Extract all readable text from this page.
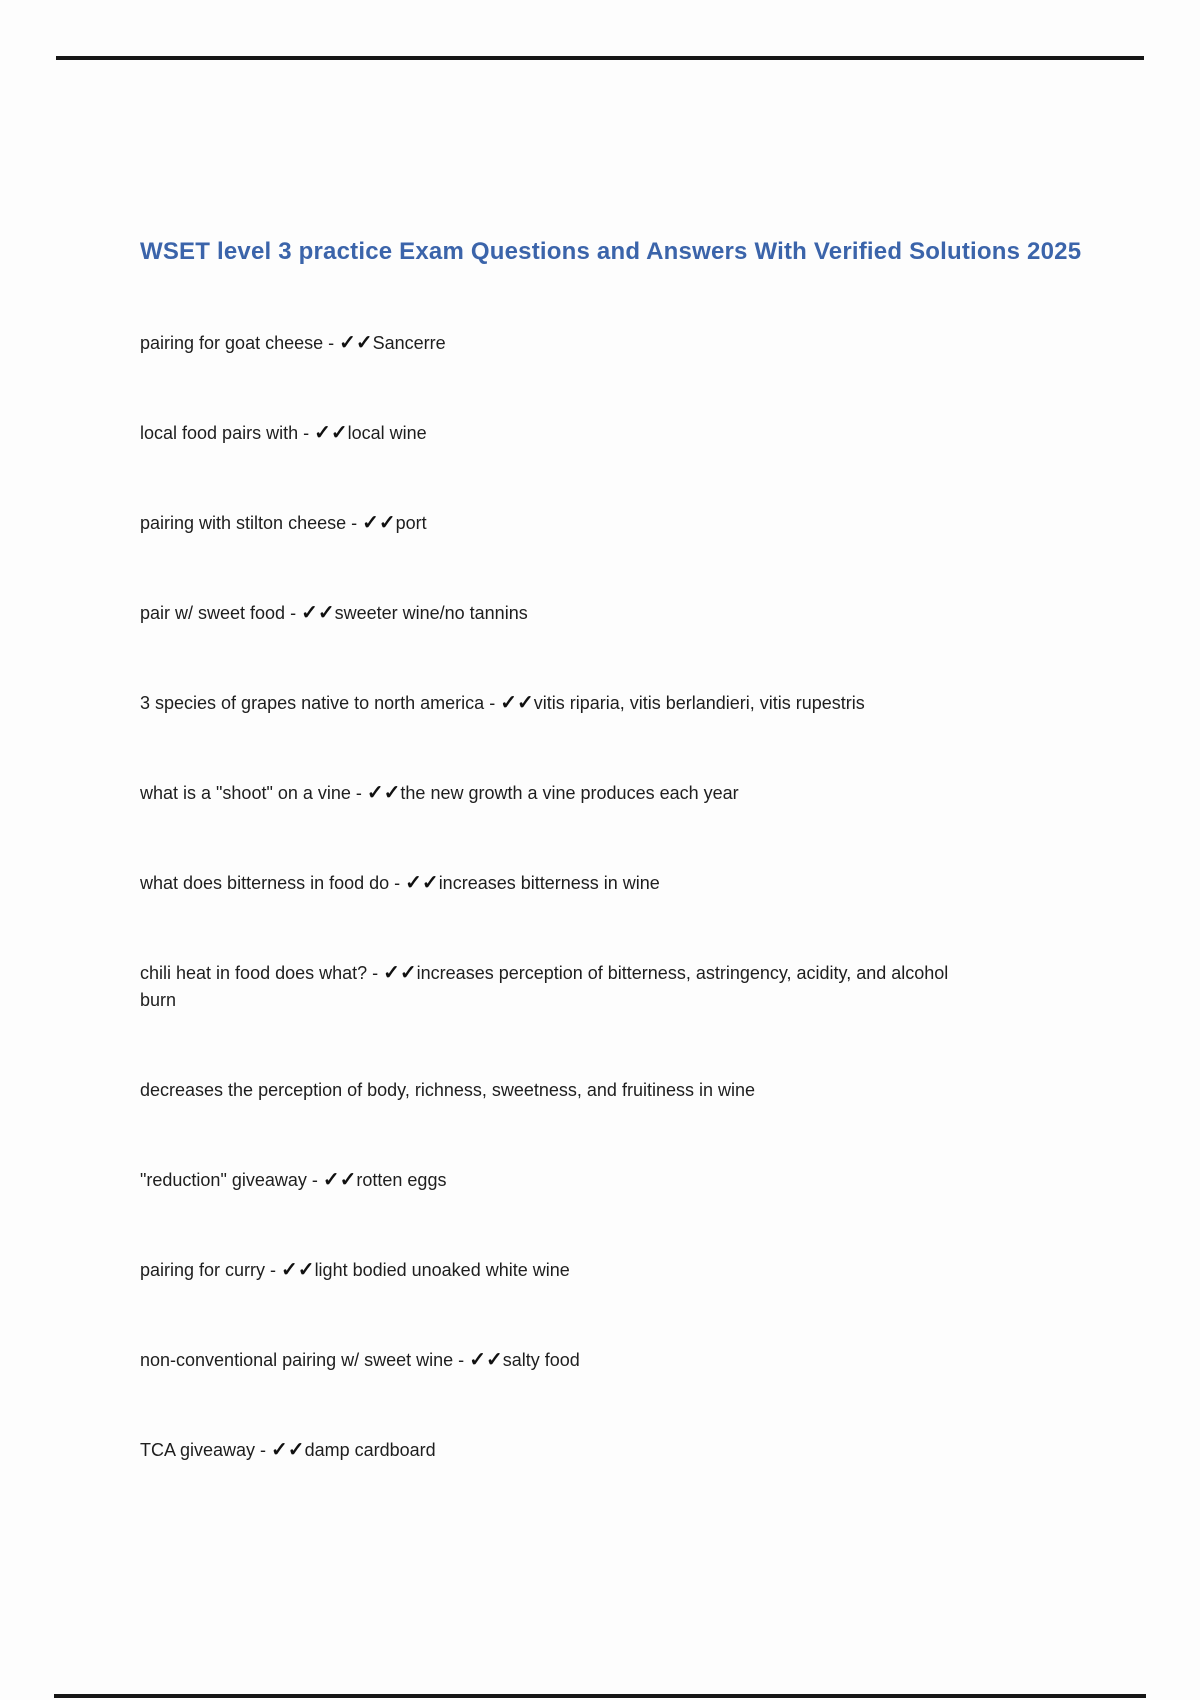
WSET level 3 practice Exam Questions and Answers With Verified Solutions 2025

pairing for goat cheese - ✓✓Sancerre

local food pairs with - ✓✓local wine

pairing with stilton cheese - ✓✓port

pair w/ sweet food - ✓✓sweeter wine/no tannins

3 species of grapes native to north america - ✓✓vitis riparia, vitis berlandieri, vitis rupestris

what is a "shoot" on a vine - ✓✓the new growth a vine produces each year

what does bitterness in food do - ✓✓increases bitterness in wine

chili heat in food does what? - ✓✓increases perception of bitterness, astringency, acidity, and alcohol
burn

decreases the perception of body, richness, sweetness, and fruitiness in wine

"reduction" giveaway - ✓✓rotten eggs

pairing for curry - ✓✓light bodied unoaked white wine

non-conventional pairing w/ sweet wine - ✓✓salty food

TCA giveaway - ✓✓damp cardboard
